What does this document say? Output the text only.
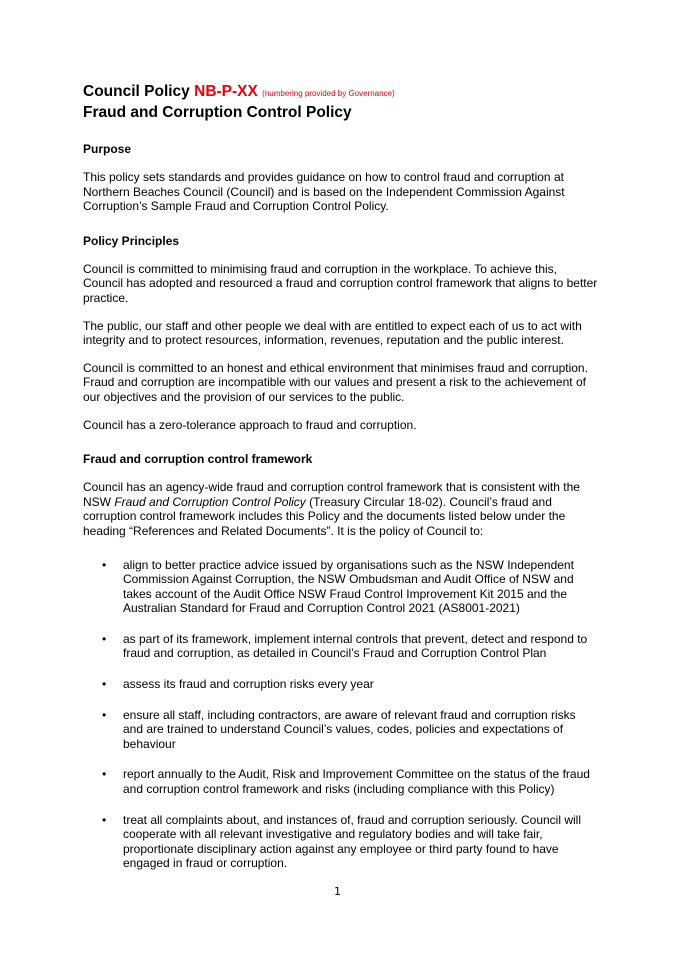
Council Policy NB-P-XX (numbering provided by Governance)
Fraud and Corruption Control Policy
Purpose

This policy sets standards and provides guidance on how to control fraud and corruption at Northern Beaches Council (Council) and is based on the Independent Commission Against Corruption’s Sample Fraud and Corruption Control Policy.

Policy Principles

Council is committed to minimising fraud and corruption in the workplace. To achieve this, Council has adopted and resourced a fraud and corruption control framework that aligns to better practice.

The public, our staff and other people we deal with are entitled to expect each of us to act with integrity and to protect resources, information, revenues, reputation and the public interest.

Council is committed to an honest and ethical environment that minimises fraud and corruption. Fraud and corruption are incompatible with our values and present a risk to the achievement of our objectives and the provision of our services to the public.

Council has a zero-tolerance approach to fraud and corruption.

Fraud and corruption control framework

Council has an agency-wide fraud and corruption control framework that is consistent with the NSW Fraud and Corruption Control Policy (Treasury Circular 18-02). Council’s fraud and corruption control framework includes this Policy and the documents listed below under the heading “References and Related Documents”. It is the policy of Council to:

• align to better practice advice issued by organisations such as the NSW Independent Commission Against Corruption, the NSW Ombudsman and Audit Office of NSW and takes account of the Audit Office NSW Fraud Control Improvement Kit 2015 and the Australian Standard for Fraud and Corruption Control 2021 (AS8001-2021)
• as part of its framework, implement internal controls that prevent, detect and respond to fraud and corruption, as detailed in Council’s Fraud and Corruption Control Plan
• assess its fraud and corruption risks every year
• ensure all staff, including contractors, are aware of relevant fraud and corruption risks and are trained to understand Council’s values, codes, policies and expectations of behaviour
• report annually to the Audit, Risk and Improvement Committee on the status of the fraud and corruption control framework and risks (including compliance with this Policy)
• treat all complaints about, and instances of, fraud and corruption seriously. Council will cooperate with all relevant investigative and regulatory bodies and will take fair, proportionate disciplinary action against any employee or third party found to have engaged in fraud or corruption.
1
